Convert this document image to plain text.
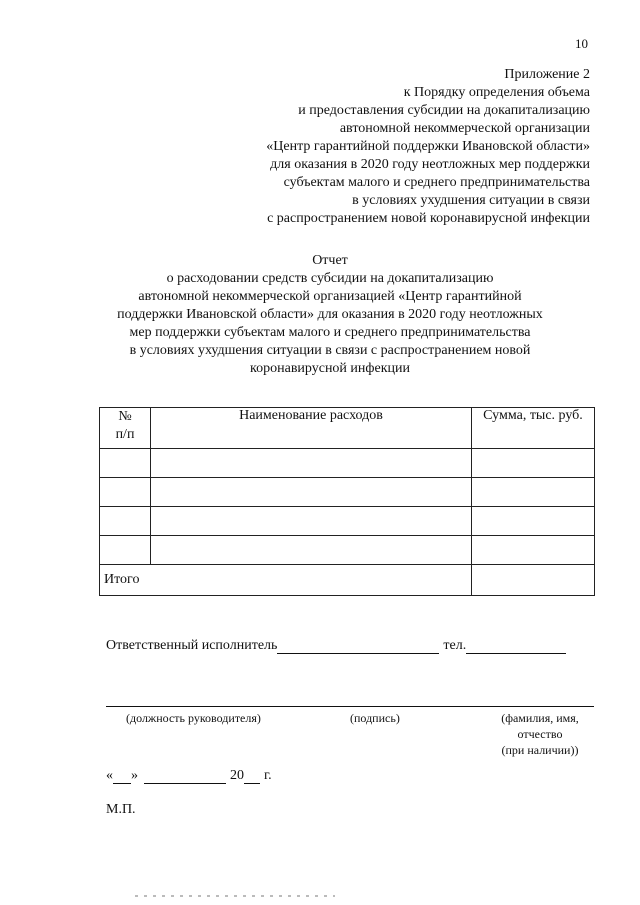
10
Приложение 2
к Порядку определения объема
и предоставления субсидии на докапитализацию
автономной некоммерческой организации
«Центр гарантийной поддержки Ивановской области»
для оказания в 2020 году неотложных мер поддержки
субъектам малого и среднего предпринимательства
в условиях ухудшения ситуации в связи
с распространением новой коронавирусной инфекции
Отчет
о расходовании средств субсидии на докапитализацию
автономной некоммерческой организацией «Центр гарантийной
поддержки Ивановской области» для оказания в 2020 году неотложных
мер поддержки субъектам малого и среднего предпринимательства
в условиях ухудшения ситуации в связи с распространением новой
коронавирусной инфекции
№
п/п	Наименование расходов	Сумма, тыс. руб.

Итого		
Ответственный исполнитель	тел.
(должность руководителя)	(подпись)	(фамилия, имя,
отчество
(при наличии))
« »	20 г.
М.П.
